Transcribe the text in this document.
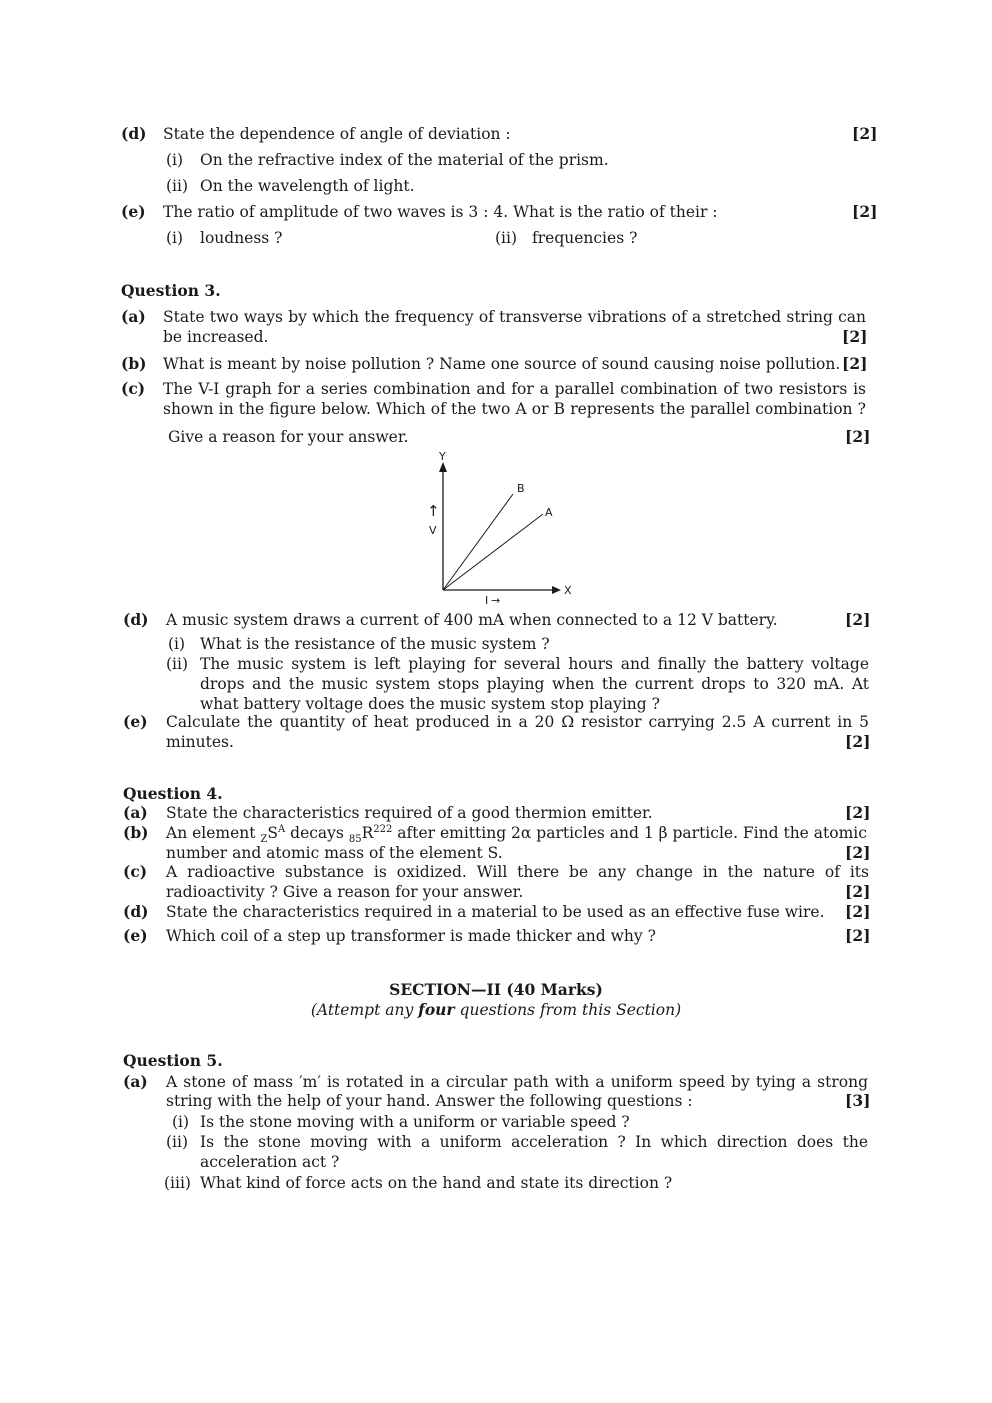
(d) State the dependence of angle of deviation :	[2]
(i) On the refractive index of the material of the prism.
(ii) On the wavelength of light.
(e) The ratio of amplitude of two waves is 3 : 4. What is the ratio of their :	[2]
(i) loudness ?	(ii) frequencies ?
Question 3.
(a) State two ways by which the frequency of transverse vibrations of a stretched string can
be increased.	[2]
(b) What is meant by noise pollution ? Name one source of sound causing noise pollution. [2]
(c) The V-I graph for a series combination and for a parallel combination of two resistors is
shown in the figure below. Which of the two A or B represents the parallel combination ?
Give a reason for your answer.	[2]
Y
X
B
A
↑
V
I →
(d) A music system draws a current of 400 mA when connected to a 12 V battery.	[2]
(i) What is the resistance of the music system ?
(ii) The music system is left playing for several hours and finally the battery voltage
drops and the music system stops playing when the current drops to 320 mA. At
what battery voltage does the music system stop playing ?
(e) Calculate the quantity of heat produced in a 20 Ω resistor carrying 2.5 A current in 5
minutes.	[2]
Question 4.
(a) State the characteristics required of a good thermion emitter.	[2]
(b) An element $_ZS^A$ decays $_{85}R^{222}$ after emitting 2α particles and 1 β particle. Find the atomic
number and atomic mass of the element S.	[2]
(c) A radioactive substance is oxidized. Will there be any change in the nature of its
radioactivity ? Give a reason for your answer.	[2]
(d) State the characteristics required in a material to be used as an effective fuse wire. [2]
(e) Which coil of a step up transformer is made thicker and why ?	[2]
SECTION—II (40 Marks)
(Attempt any four questions from this Section)
Question 5.
(a) A stone of mass ′m′ is rotated in a circular path with a uniform speed by tying a strong
string with the help of your hand. Answer the following questions :	[3]
(i) Is the stone moving with a uniform or variable speed ?
(ii) Is the stone moving with a uniform acceleration ? In which direction does the
acceleration act ?
(iii) What kind of force acts on the hand and state its direction ?
